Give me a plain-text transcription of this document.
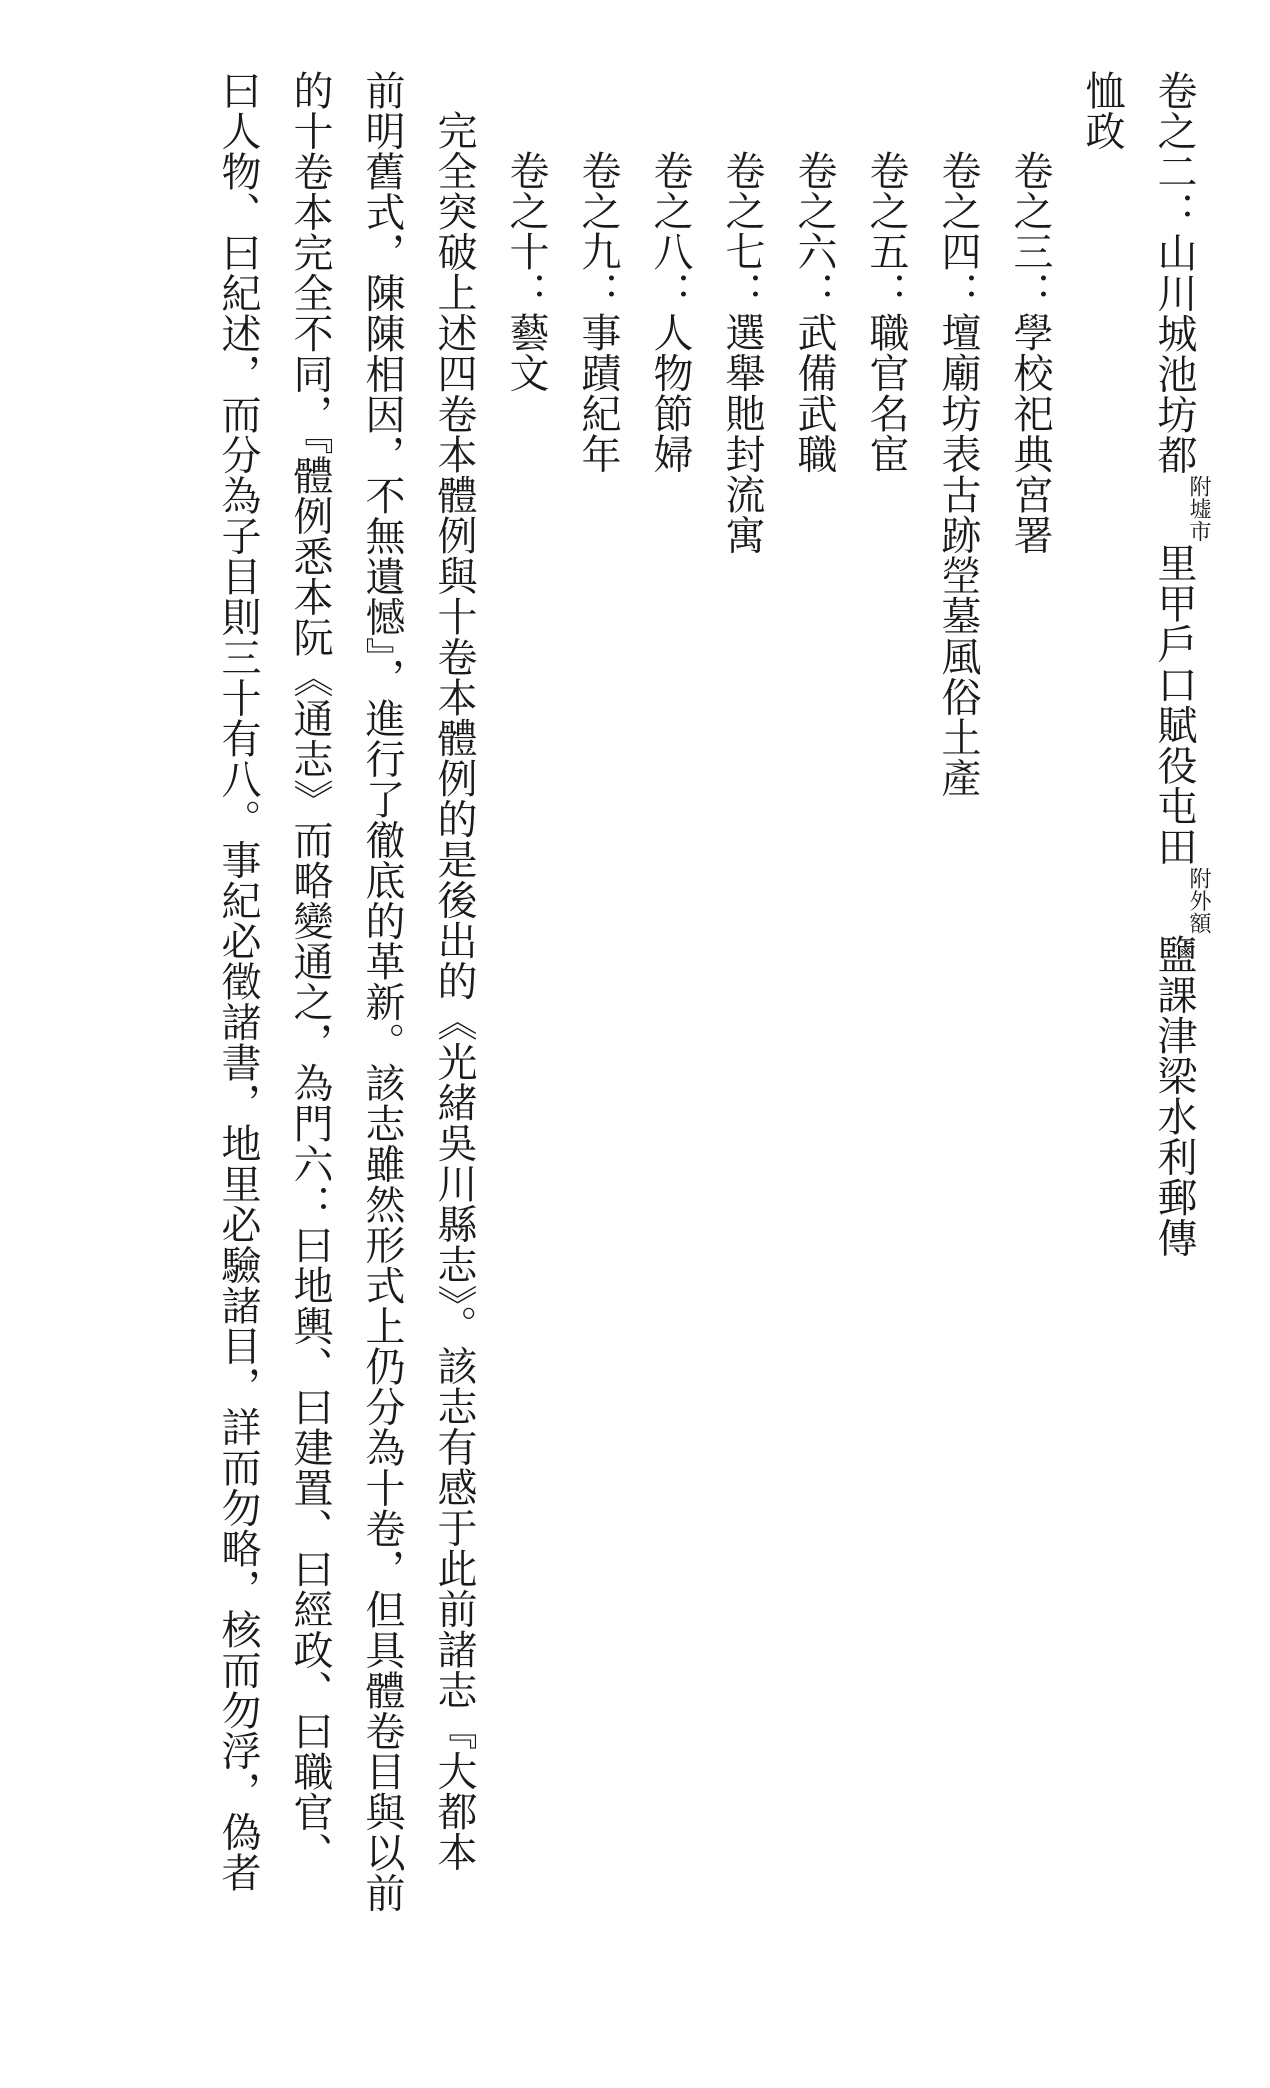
卷之二：山川城池坊都附墟市里甲戶口賦役屯田附外額鹽課津梁水利郵傳
恤政
卷之三：學校祀典宮署
卷之四：壇廟坊表古跡塋墓風俗土產
卷之五：職官名宦
卷之六：武備武職
卷之七：選舉貤封流寓
卷之八：人物節婦
卷之九：事蹟紀年
卷之十：藝文
完全突破上述四卷本體例與十卷本體例的是後出的《光緒吳川縣志》。該志有感于此前諸志『大都本
前明舊式，陳陳相因，不無遺憾』，進行了徹底的革新。該志雖然形式上仍分為十卷，但具體卷目與以前
的十卷本完全不同，『體例悉本阮《通志》而略變通之，為門六：曰地輿、曰建置、曰經政、曰職官、
曰人物、曰紀述，而分為子目則三十有八。事紀必徵諸書，地里必驗諸目，詳而勿略，核而勿浮，偽者
